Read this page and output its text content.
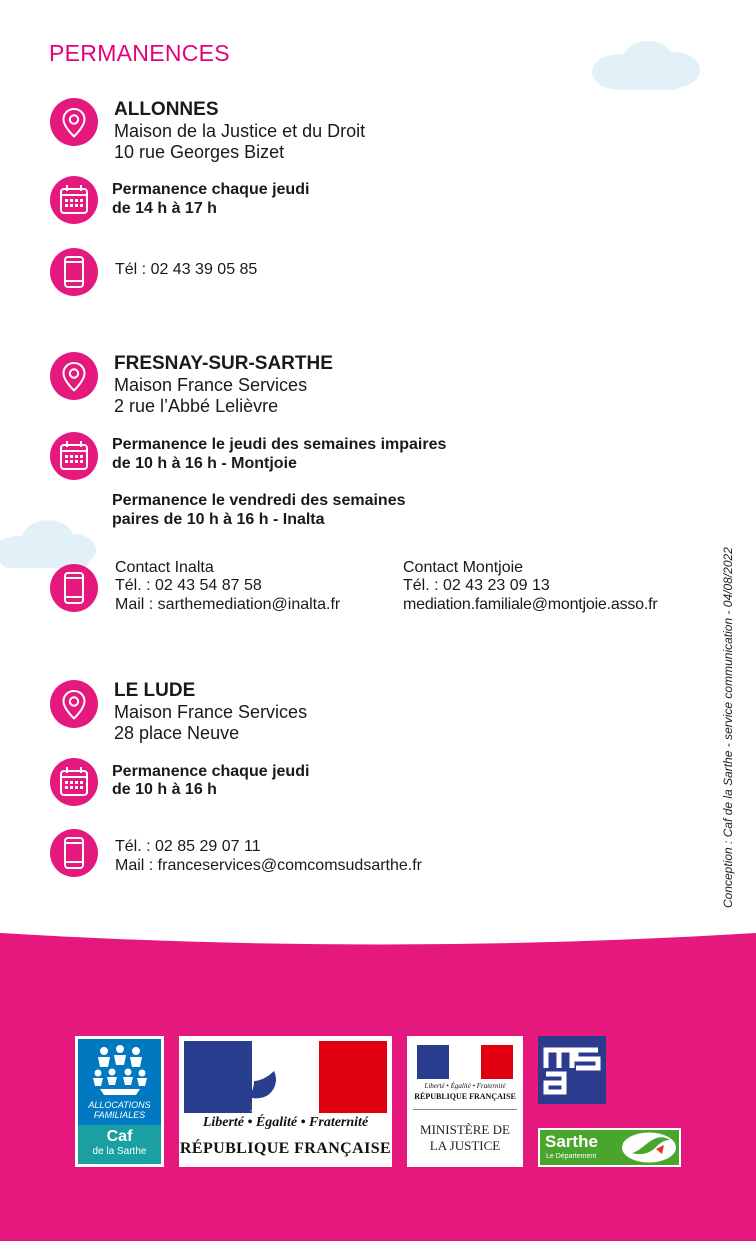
PERMANENCES
ALLONNES
Maison de la Justice et du Droit
10 rue Georges Bizet
Permanence chaque jeudi
de 14 h à 17 h
Tél : 02 43 39 05 85
FRESNAY-SUR-SARTHE
Maison France Services
2 rue l’Abbé Lelièvre
Permanence le jeudi des semaines impaires
de 10 h à 16 h - Montjoie
Permanence le vendredi des semaines
paires de 10 h à 16 h - Inalta
Contact Inalta
Tél. : 02 43 54 87 58
Mail : sarthemediation@inalta.fr
Contact Montjoie
Tél. : 02 43 23 09 13
mediation.familiale@montjoie.asso.fr
LE LUDE
Maison France Services
28 place Neuve
Permanence chaque jeudi
de 10 h à 16 h
Tél. : 02 85 29 07 11
Mail : franceservices@comcomsudsarthe.fr	Conception : Caf de la Sarthe - service communication - 04/08/2022
ALLOCATIONS
FAMILIALES
Caf
de la Sarthe
Liberté • Égalité • Fraternité
RÉPUBLIQUE FRANÇAISE
Liberté • Égalité • Fraternité
RÉPUBLIQUE FRANÇAISE
MINISTÈRE DE
LA JUSTICE
santé
famille
retraite
services
Sarthe
Le Département
